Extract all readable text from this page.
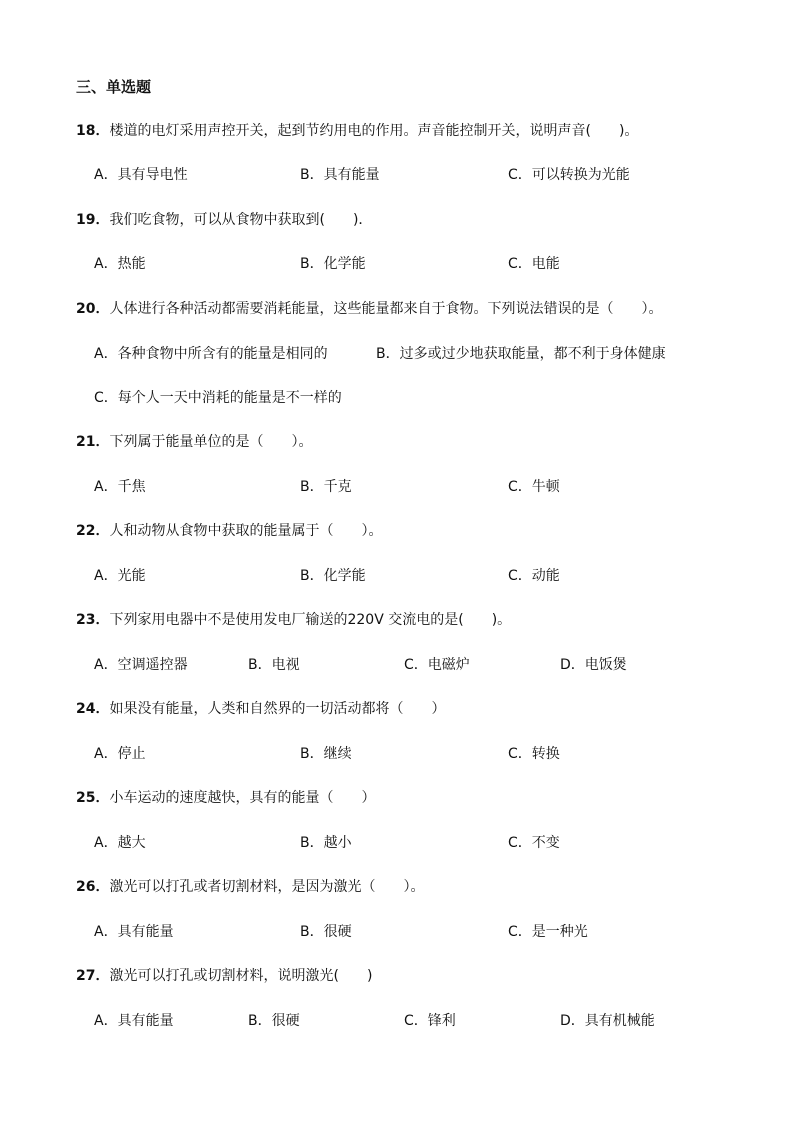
三、单选题
18．楼道的电灯采用声控开关，起到节约用电的作用。声音能控制开关，说明声音(　　)。
A．具有导电性	B．具有能量	C．可以转换为光能
19．我们吃食物，可以从食物中获取到(　　)．
A．热能	B．化学能	C．电能
20．人体进行各种活动都需要消耗能量，这些能量都来自于食物。下列说法错误的是（　　）。
A．各种食物中所含有的能量是相同的	B．过多或过少地获取能量，都不利于身体健康
C．每个人一天中消耗的能量是不一样的
21．下列属于能量单位的是（　　）。
A．千焦	B．千克	C．牛顿
22．人和动物从食物中获取的能量属于（　　）。
A．光能	B．化学能	C．动能
23．下列家用电器中不是使用发电厂输送的220V 交流电的是(　　)。
A．空调遥控器	B．电视	C．电磁炉	D．电饭煲
24．如果没有能量，人类和自然界的一切活动都将（　　）
A．停止	B．继续	C．转换
25．小车运动的速度越快，具有的能量（　　）
A．越大	B．越小	C．不变
26．激光可以打孔或者切割材料，是因为激光（　　）。
A．具有能量	B．很硬	C．是一种光
27．激光可以打孔或切割材料，说明激光(　　)
A．具有能量	B．很硬	C．锋利	D．具有机械能
